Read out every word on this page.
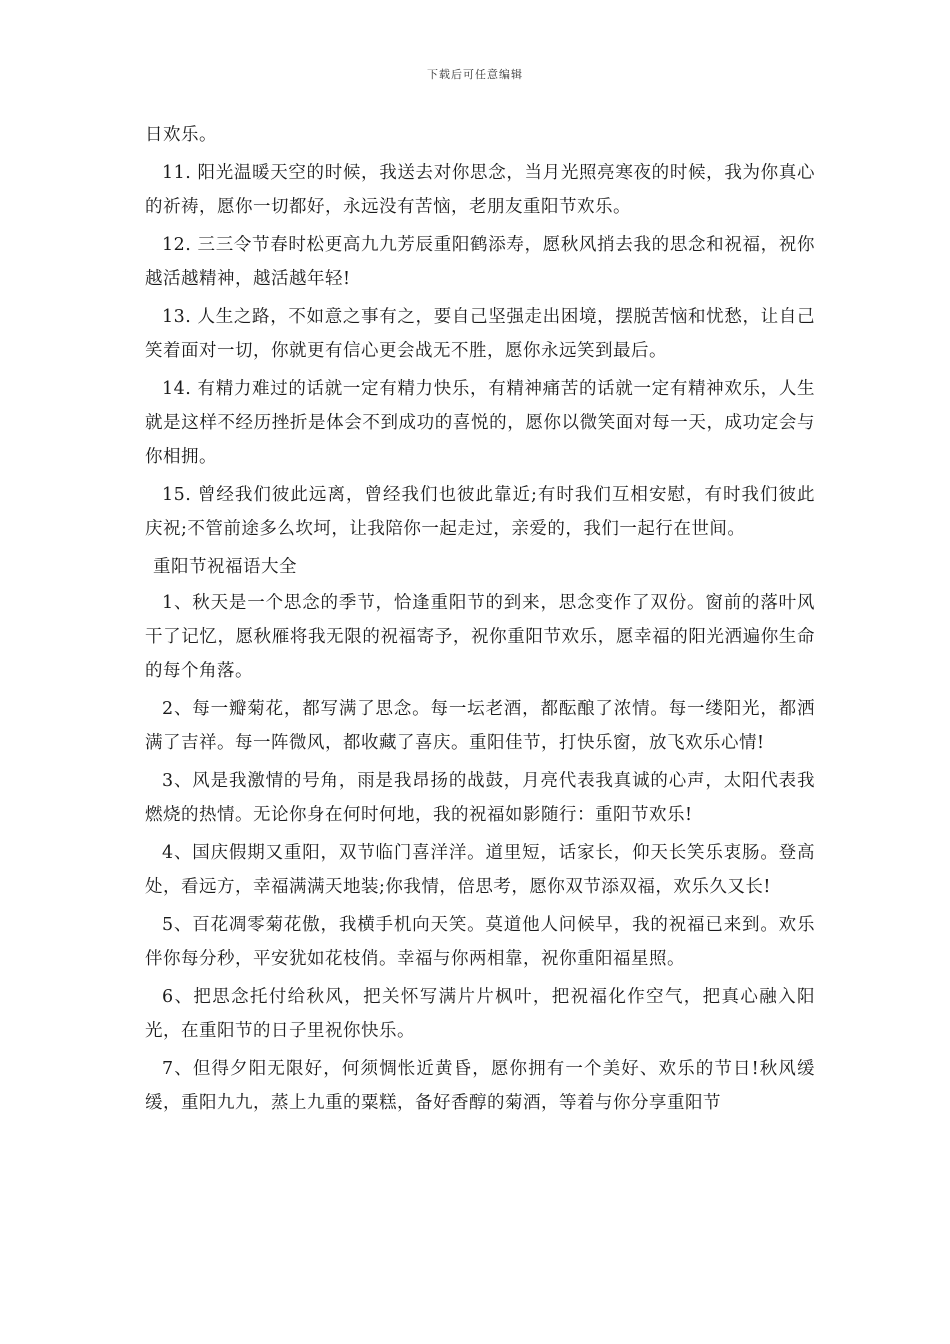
下载后可任意编辑

日欢乐。

11. 阳光温暖天空的时候，我送去对你思念，当月光照亮寒夜的时候，我为你真心的祈祷，愿你一切都好，永远没有苦恼，老朋友重阳节欢乐。

12. 三三令节春时松更高九九芳辰重阳鹤添寿，愿秋风捎去我的思念和祝福，祝你越活越精神，越活越年轻!

13. 人生之路，不如意之事有之，要自己坚强走出困境，摆脱苦恼和忧愁，让自己笑着面对一切，你就更有信心更会战无不胜，愿你永远笑到最后。

14. 有精力难过的话就一定有精力快乐，有精神痛苦的话就一定有精神欢乐，人生就是这样不经历挫折是体会不到成功的喜悦的，愿你以微笑面对每一天，成功定会与你相拥。

15. 曾经我们彼此远离，曾经我们也彼此靠近;有时我们互相安慰，有时我们彼此庆祝;不管前途多么坎坷，让我陪你一起走过，亲爱的，我们一起行在世间。

重阳节祝福语大全

1、秋天是一个思念的季节，恰逢重阳节的到来，思念变作了双份。窗前的落叶风干了记忆，愿秋雁将我无限的祝福寄予，祝你重阳节欢乐，愿幸福的阳光洒遍你生命的每个角落。

2、每一瓣菊花，都写满了思念。每一坛老酒，都酝酿了浓情。每一缕阳光，都洒满了吉祥。每一阵微风，都收藏了喜庆。重阳佳节，打快乐窗，放飞欢乐心情!

3、风是我激情的号角，雨是我昂扬的战鼓，月亮代表我真诚的心声，太阳代表我燃烧的热情。无论你身在何时何地，我的祝福如影随行：重阳节欢乐!

4、国庆假期又重阳，双节临门喜洋洋。道里短，话家长，仰天长笑乐衷肠。登高处，看远方，幸福满满天地装;你我情，倍思考，愿你双节添双福，欢乐久又长!

5、百花凋零菊花傲，我横手机向天笑。莫道他人问候早，我的祝福已来到。欢乐伴你每分秒，平安犹如花枝俏。幸福与你两相靠，祝你重阳福星照。

6、把思念托付给秋风，把关怀写满片片枫叶，把祝福化作空气，把真心融入阳光，在重阳节的日子里祝你快乐。

7、但得夕阳无限好，何须惆怅近黄昏，愿你拥有一个美好、欢乐的节日!秋风缓缓，重阳九九，蒸上九重的粟糕，备好香醇的菊酒，等着与你分享重阳节
